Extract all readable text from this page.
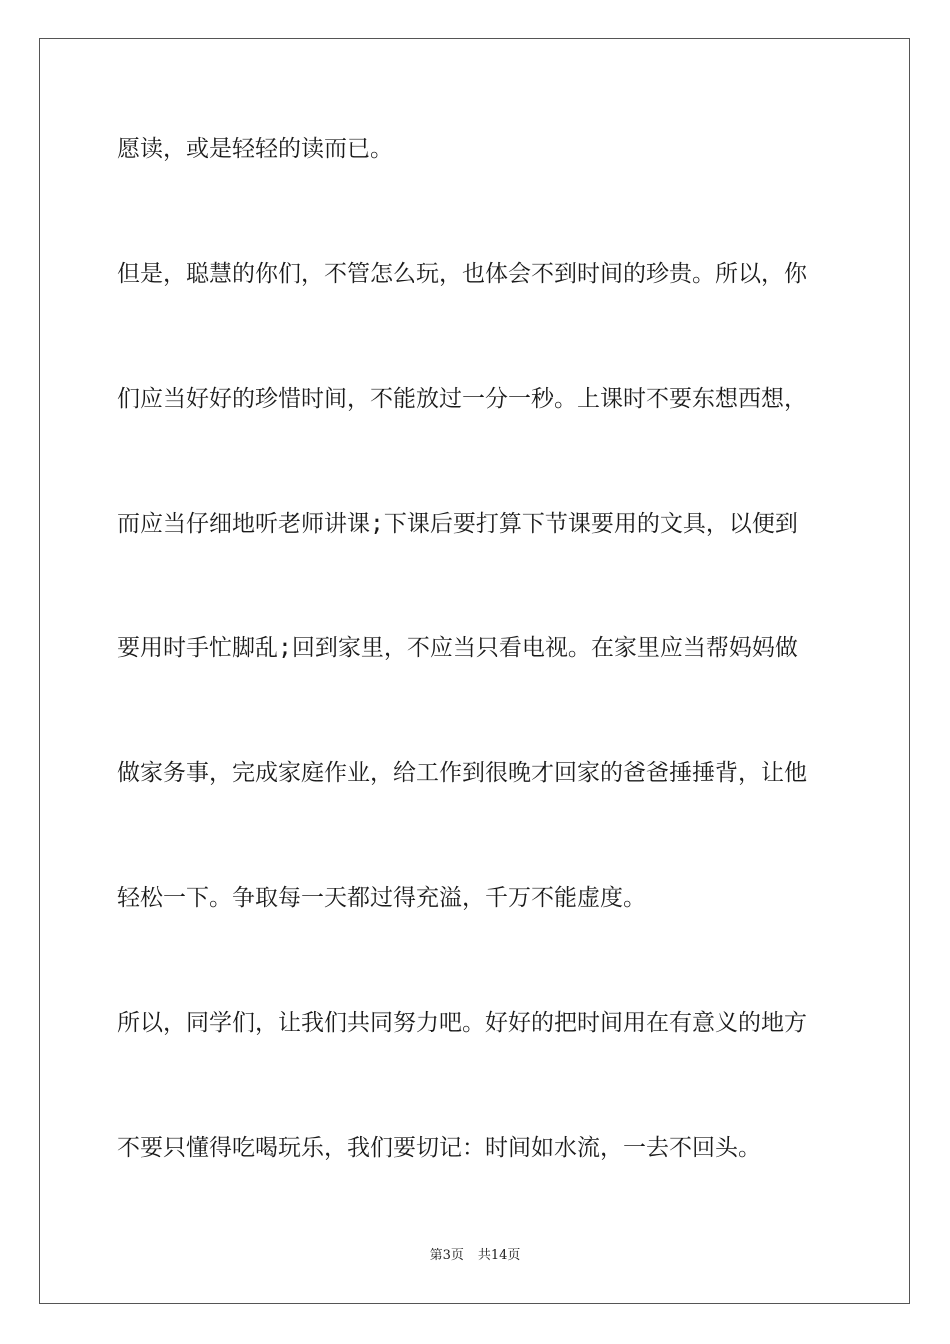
愿读，或是轻轻的读而已。
但是，聪慧的你们，不管怎么玩，也体会不到时间的珍贵。所以，你
们应当好好的珍惜时间，不能放过一分一秒。上课时不要东想西想，
而应当仔细地听老师讲课;下课后要打算下节课要用的文具，以便到
要用时手忙脚乱;回到家里，不应当只看电视。在家里应当帮妈妈做
做家务事，完成家庭作业，给工作到很晚才回家的爸爸捶捶背，让他
轻松一下。争取每一天都过得充溢，千万不能虚度。
所以，同学们，让我们共同努力吧。好好的把时间用在有意义的地方
不要只懂得吃喝玩乐，我们要切记：时间如水流，一去不回头。
第3页 共14页
